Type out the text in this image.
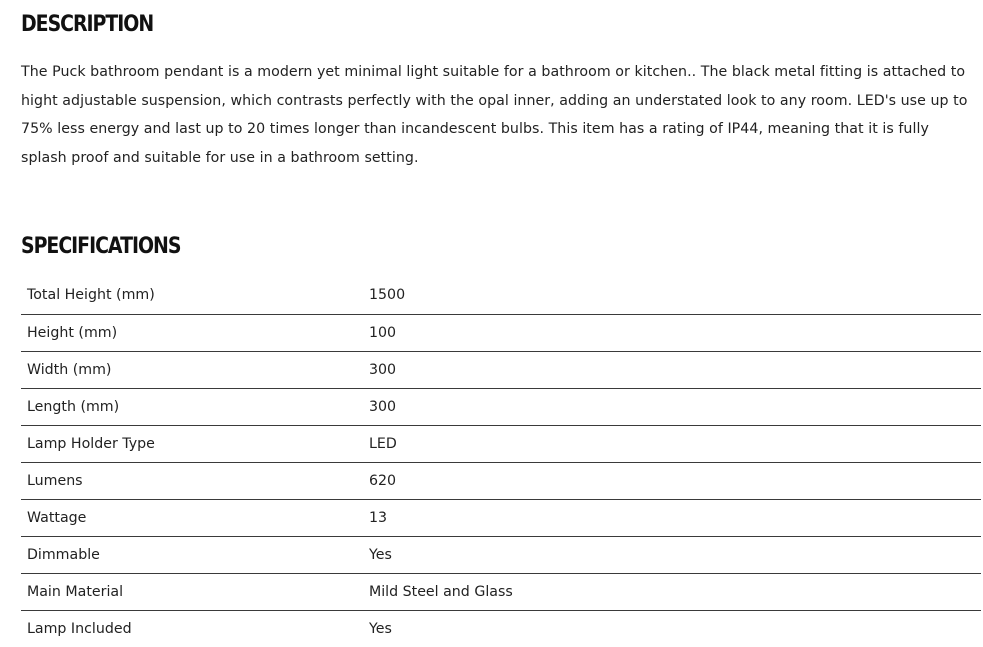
DESCRIPTION

The Puck bathroom pendant is a modern yet minimal light suitable for a bathroom or kitchen.. The black metal fitting is attached to hight adjustable suspension, which contrasts perfectly with the opal inner, adding an understated look to any room. LED's use up to 75% less energy and last up to 20 times longer than incandescent bulbs. This item has a rating of IP44, meaning that it is fully splash proof and suitable for use in a bathroom setting.

SPECIFICATIONS
Total Height (mm)	1500
Height (mm)	100
Width (mm)	300
Length (mm)	300
Lamp Holder Type	LED
Lumens	620
Wattage	13
Dimmable	Yes
Main Material	Mild Steel and Glass
Lamp Included	Yes
